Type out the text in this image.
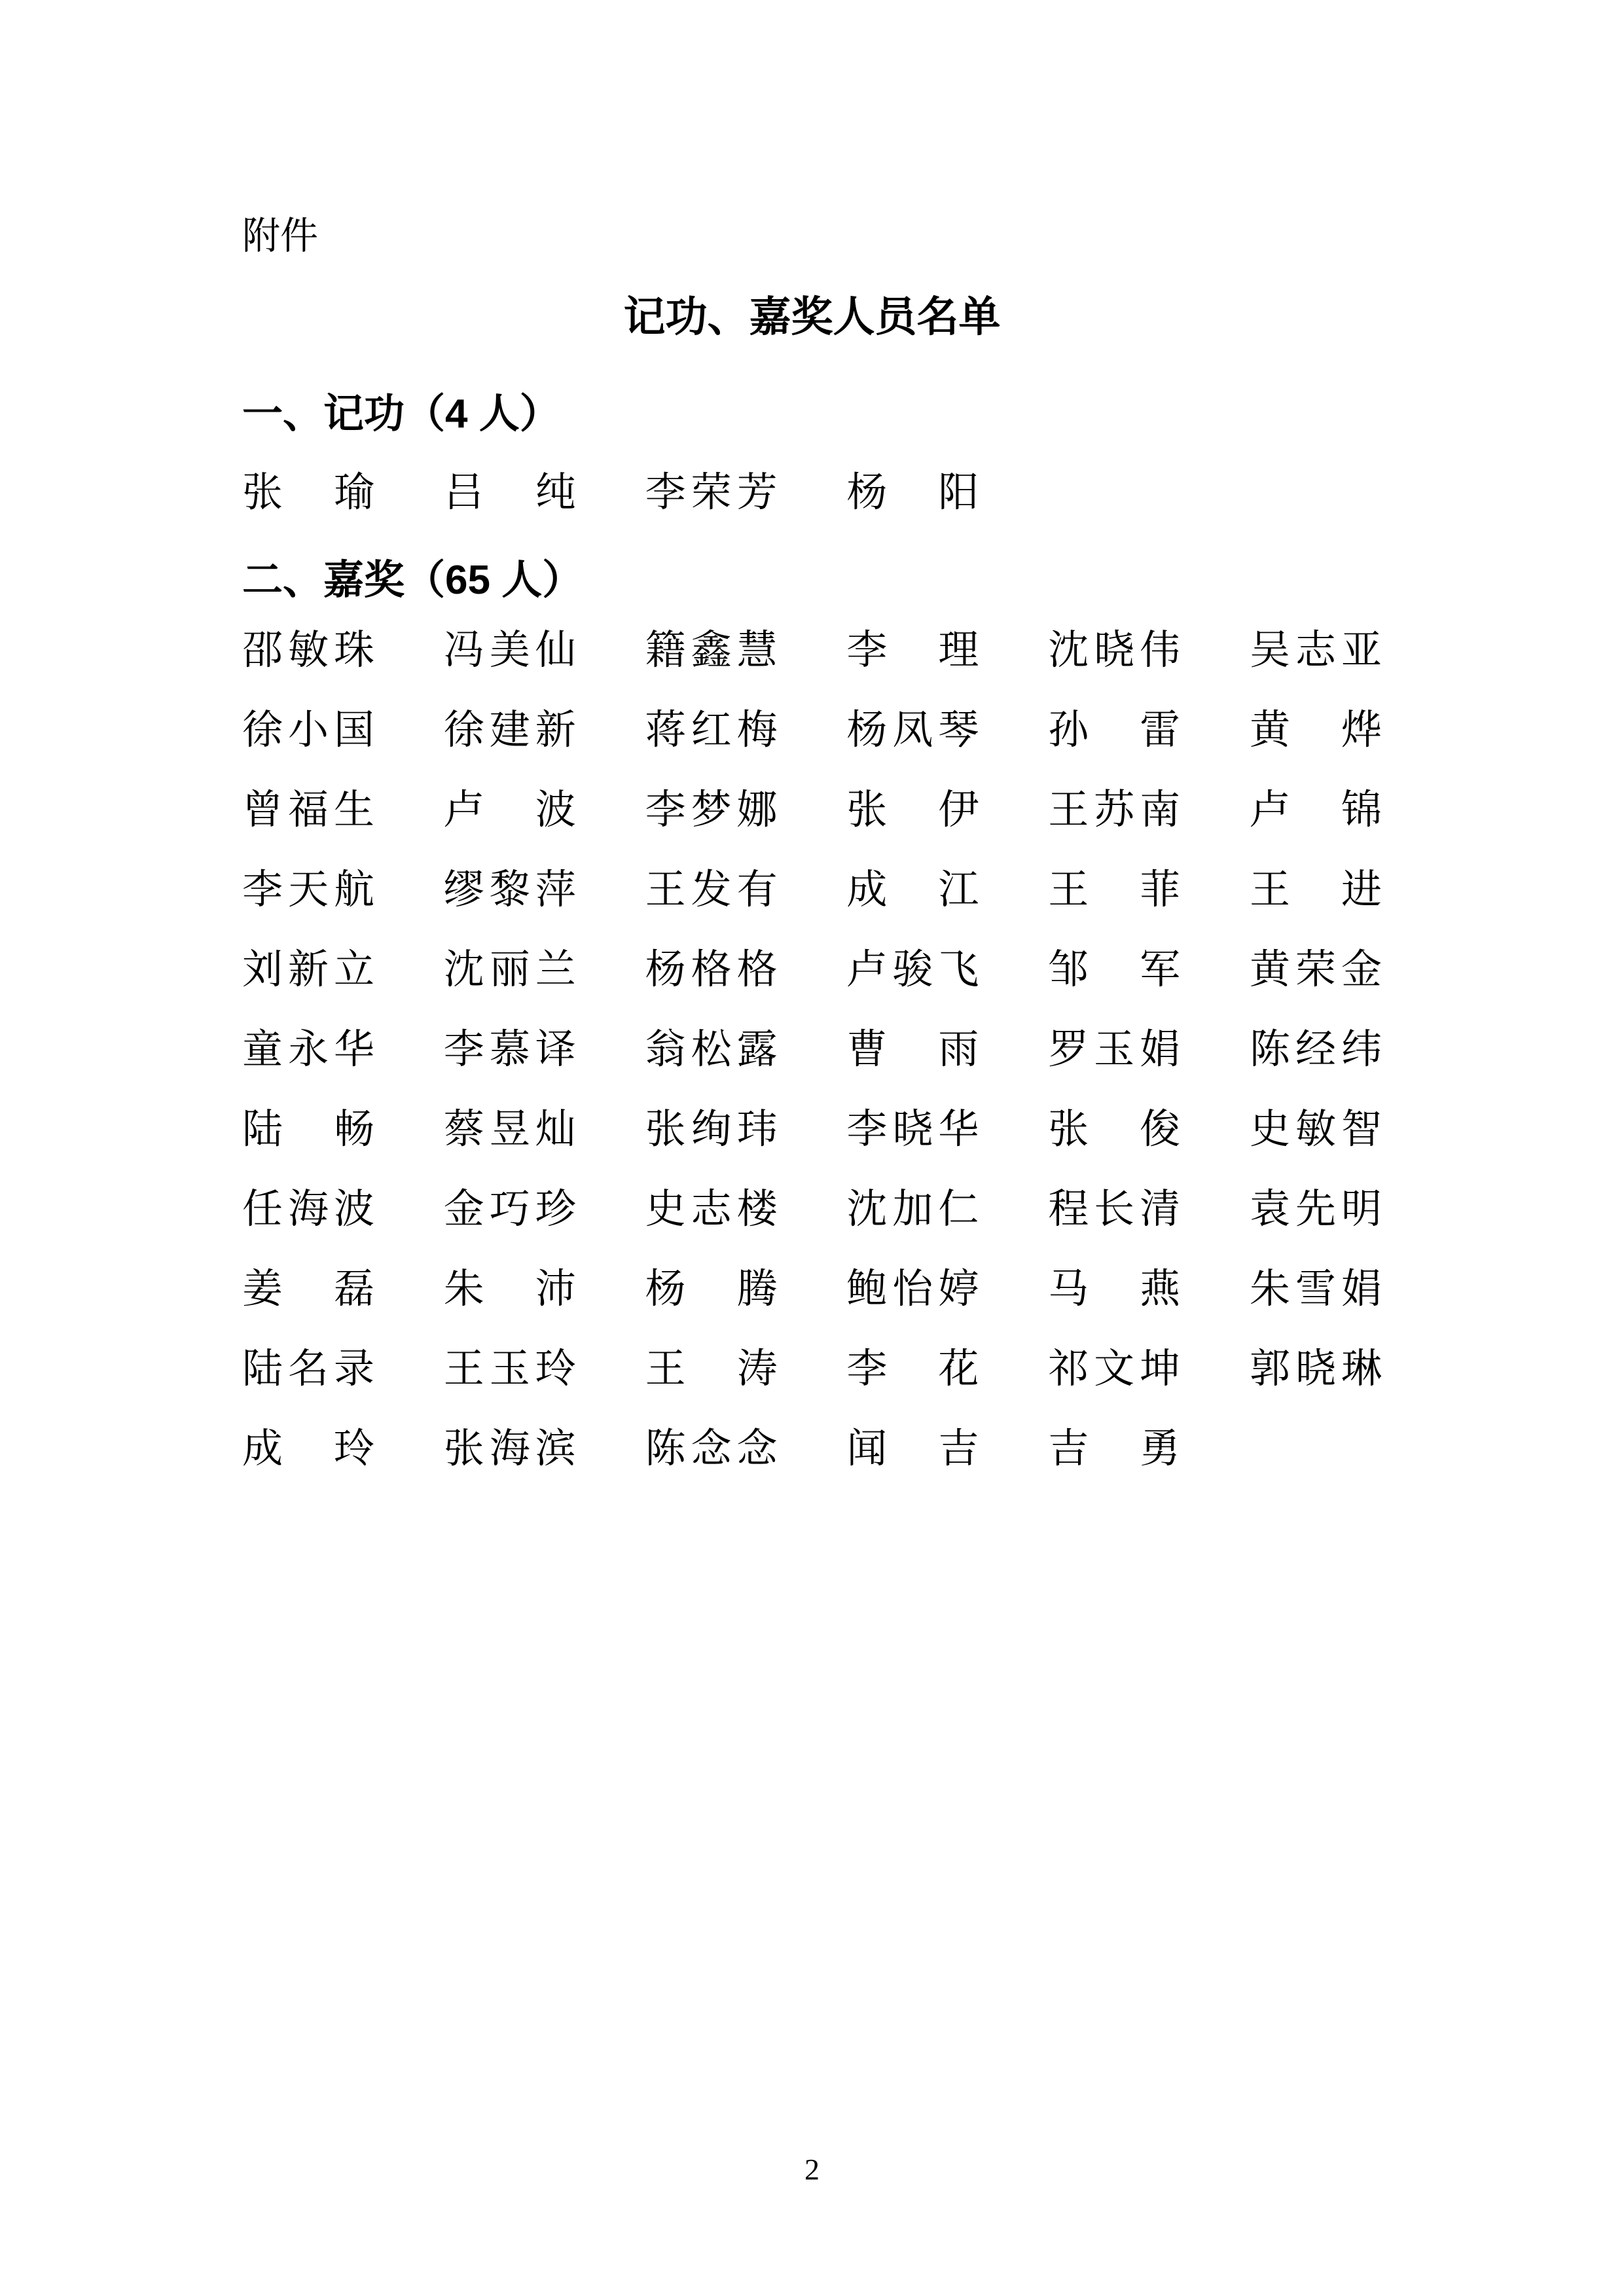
附件
记功、嘉奖人员名单
一、记功（4 人）
张　瑜 吕　纯 李荣芳 杨　阳
二、嘉奖（65 人）
邵敏珠 冯美仙 籍鑫慧 李　理 沈晓伟 吴志亚
徐小国 徐建新 蒋红梅 杨凤琴 孙　雷 黄　烨
曾福生 卢　波 李梦娜 张　伊 王苏南 卢　锦
李天航 缪黎萍 王发有 成　江 王　菲 王　进
刘新立 沈丽兰 杨格格 卢骏飞 邹　军 黄荣金
童永华 李慕译 翁松露 曹　雨 罗玉娟 陈经纬
陆　畅 蔡昱灿 张绚玮 李晓华 张　俊 史敏智
任海波 金巧珍 史志楼 沈加仁 程长清 袁先明
姜　磊 朱　沛 杨　腾 鲍怡婷 马　燕 朱雪娟
陆名录 王玉玲 王　涛 李　花 祁文坤 郭晓琳
成　玲 张海滨 陈念念 闻　吉 吉　勇
2
